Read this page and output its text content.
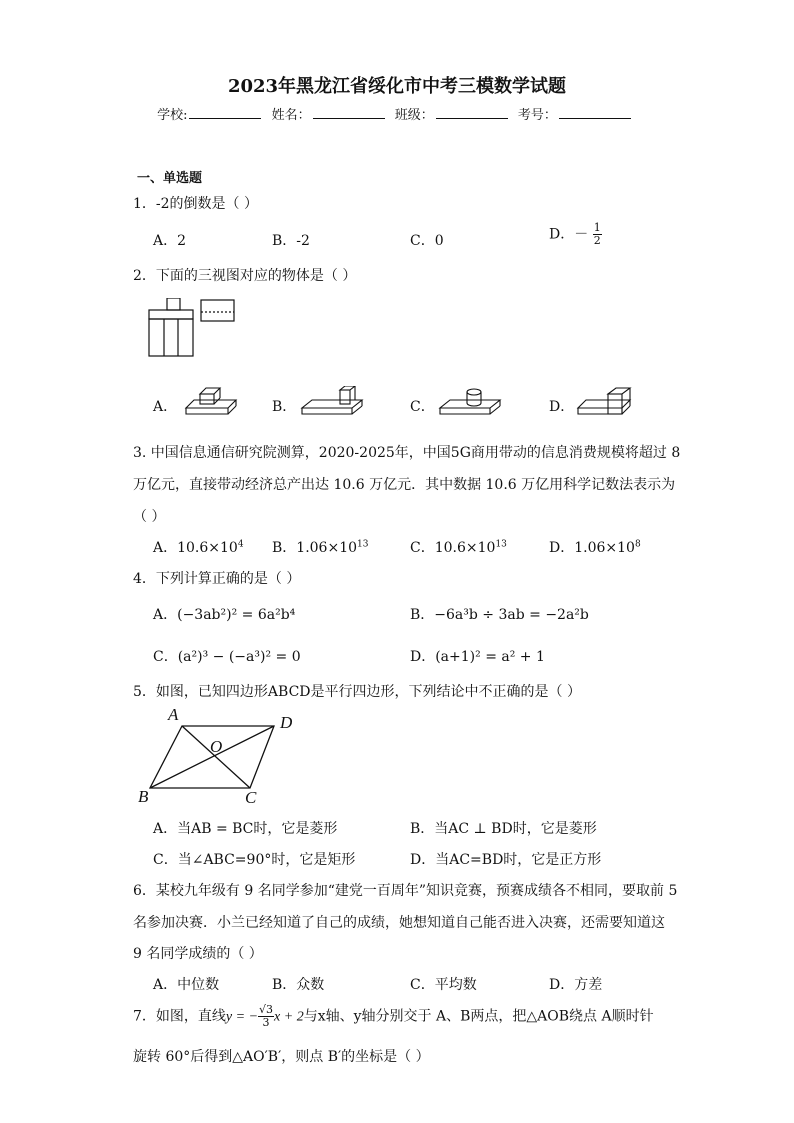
2023年黑龙江省绥化市中考三模数学试题
学校:	姓名：	班级：	考号：
一、单选题
1．-2的倒数是（ ）
A．2	B．-2	C．0	D．－ $\frac{1}{2}$
2．下面的三视图对应的物体是（ ）
A．	B．	C．	D．
3. 中国信息通信研究院测算，2020-2025年，中国5G商用带动的信息消费规模将超过 8
万亿元，直接带动经济总产出达 10.6 万亿元．其中数据 10.6 万亿用科学记数法表示为
（ ）
A．$10.6\times 10^4$ B．$1.06\times 10^{13}$	C．$10.6\times 10^{13}$	D．$1.06\times 10^8$
4．下列计算正确的是（ ）
A．(−3ab²)² = 6a²b⁴	B．−6a³b ÷ 3ab = −2a²b
C．(a²)³ − (−a³)² = 0	D．(a+1)² = a² + 1
5．如图，已知四边形ABCD是平行四边形，下列结论中不正确的是（ ）
A	D
O
B	C
A．当AB = BC时，它是菱形	B．当AC ⊥ BD时，它是菱形
C．当∠ABC=90°时，它是矩形	D．当AC=BD时，它是正方形
6．某校九年级有 9 名同学参加“建党一百周年”知识竞赛，预赛成绩各不相同，要取前 5
名参加决赛．小兰已经知道了自己的成绩，她想知道自己能否进入决赛，还需要知道这
9 名同学成绩的（ ）
A．中位数	B．众数	C．平均数	D．方差
7．如图，直线y = − $\frac{√3}{3}$ x + 2与x轴、y轴分别交于 A、B两点，把△AOB绕点 A顺时针
旋转 60°后得到△AO′B′，则点 B′的坐标是（ ）
